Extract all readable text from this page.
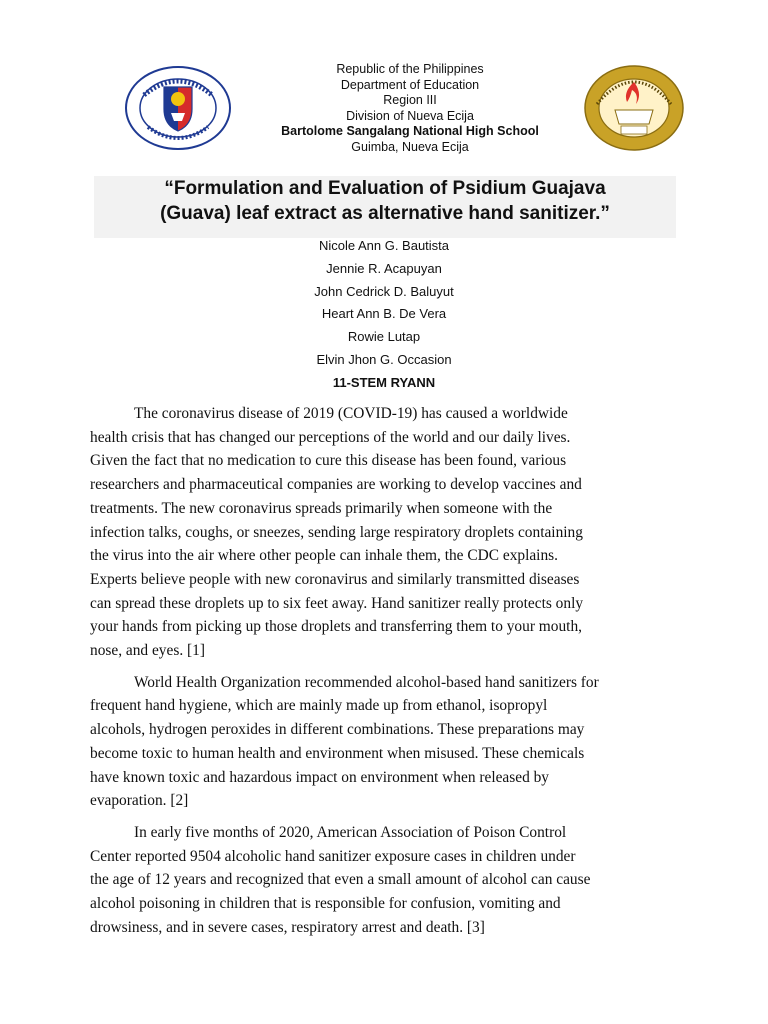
Republic of the Philippines
Department of Education
Region III
Division of Nueva Ecija
Bartolome Sangalang National High School
Guimba, Nueva Ecija
“Formulation and Evaluation of Psidium Guajava
(Guava) leaf extract as alternative hand sanitizer.”
Nicole Ann G. Bautista
Jennie R. Acapuyan
John Cedrick D. Baluyut
Heart Ann B. De Vera
Rowie Lutap
Elvin Jhon G. Occasion
11-STEM RYANN
The coronavirus disease of 2019 (COVID-19) has caused a worldwide
health crisis that has changed our perceptions of the world and our daily lives.
Given the fact that no medication to cure this disease has been found, various
researchers and pharmaceutical companies are working to develop vaccines and
treatments. The new coronavirus spreads primarily when someone with the
infection talks, coughs, or sneezes, sending large respiratory droplets containing
the virus into the air where other people can inhale them, the CDC explains.
Experts believe people with new coronavirus and similarly transmitted diseases
can spread these droplets up to six feet away. Hand sanitizer really protects only
your hands from picking up those droplets and transferring them to your mouth,
nose, and eyes. [1]
World Health Organization recommended alcohol-based hand sanitizers for
frequent hand hygiene, which are mainly made up from ethanol, isopropyl
alcohols, hydrogen peroxides in different combinations. These preparations may
become toxic to human health and environment when misused. These chemicals
have known toxic and hazardous impact on environment when released by
evaporation. [2]
In early five months of 2020, American Association of Poison Control
Center reported 9504 alcoholic hand sanitizer exposure cases in children under
the age of 12 years and recognized that even a small amount of alcohol can cause
alcohol poisoning in children that is responsible for confusion, vomiting and
drowsiness, and in severe cases, respiratory arrest and death. [3]
